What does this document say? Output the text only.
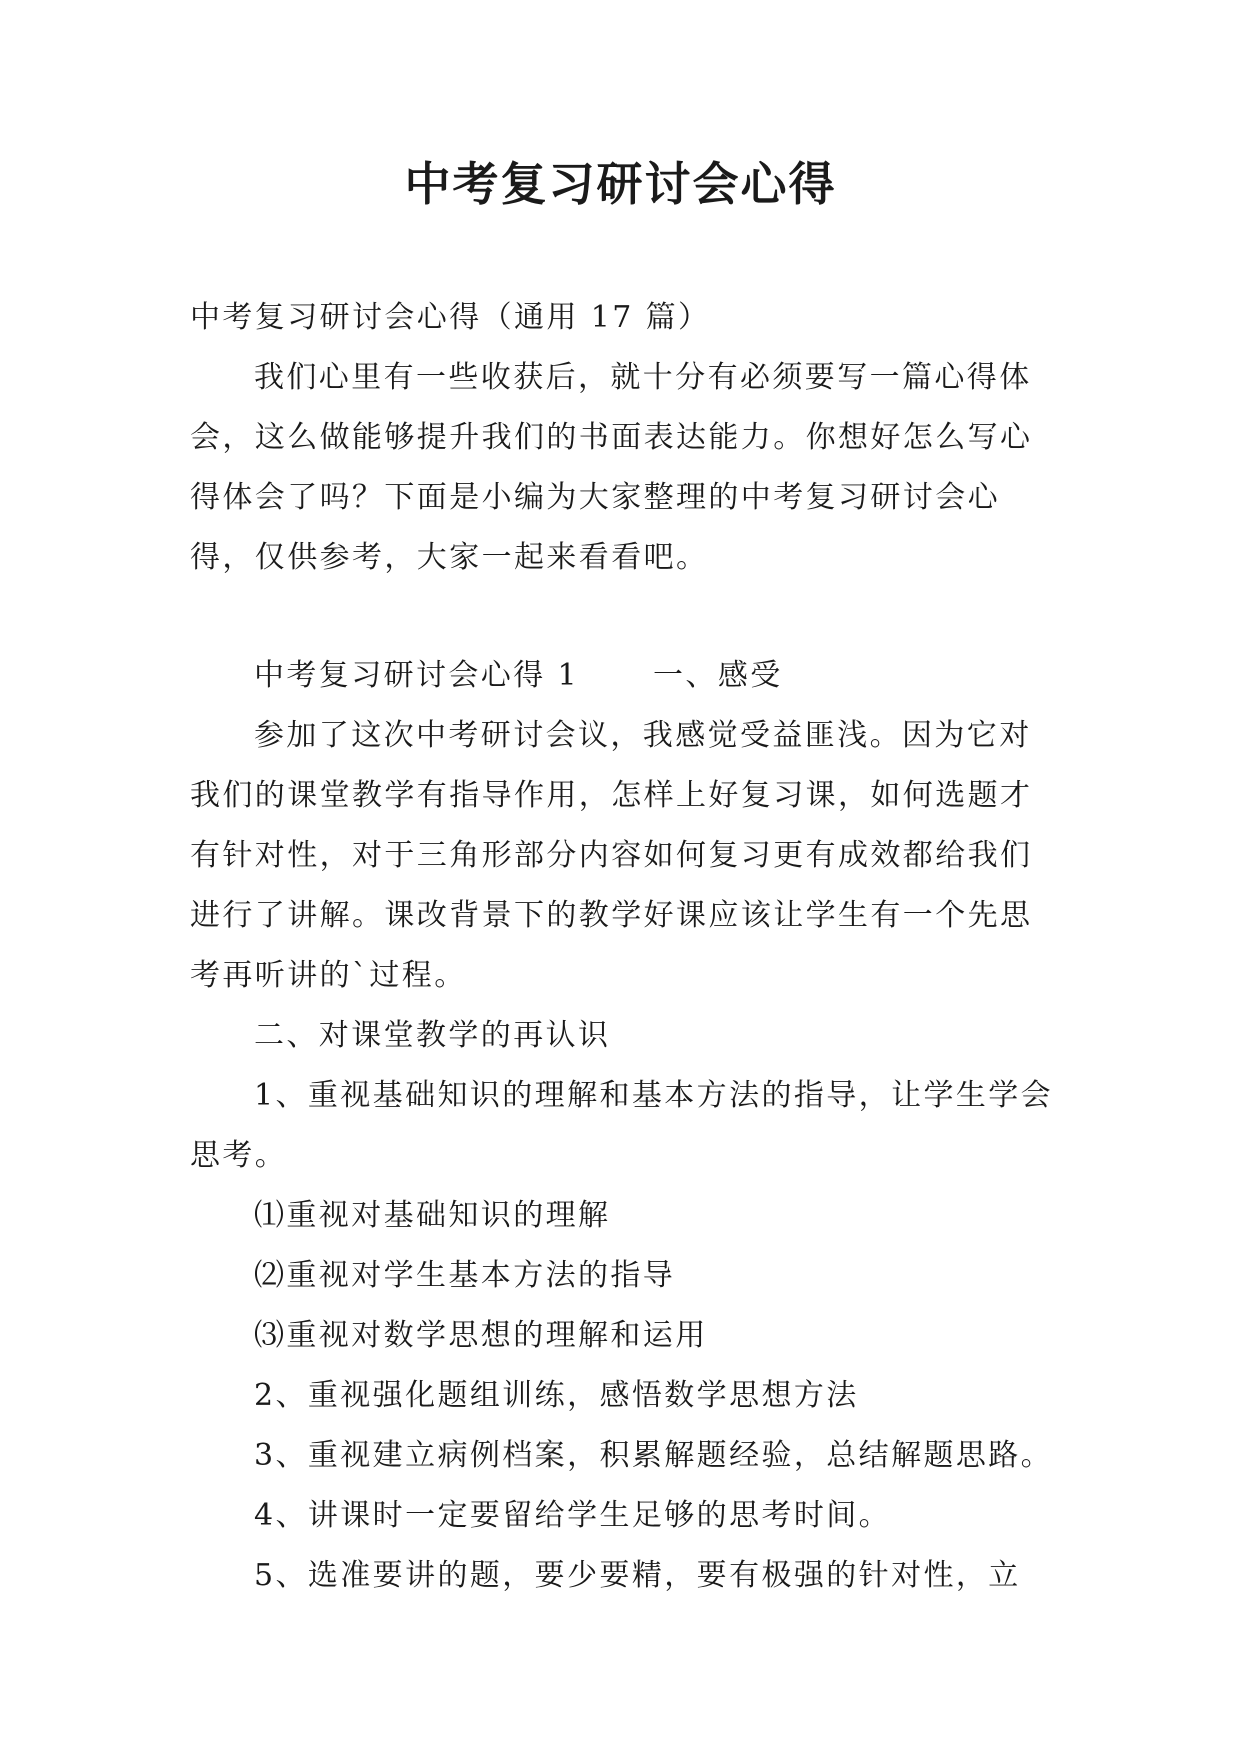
中考复习研讨会心得

中考复习研讨会心得（通用 17 篇）

我们心里有一些收获后，就十分有必须要写一篇心得体会，这么做能够提升我们的书面表达能力。你想好怎么写心得体会了吗？下面是小编为大家整理的中考复习研讨会心得，仅供参考，大家一起来看看吧。

中考复习研讨会心得 1 一、感受

参加了这次中考研讨会议，我感觉受益匪浅。因为它对我们的课堂教学有指导作用，怎样上好复习课，如何选题才有针对性，对于三角形部分内容如何复习更有成效都给我们进行了讲解。课改背景下的教学好课应该让学生有一个先思考再听讲的`过程。

二、对课堂教学的再认识

1、重视基础知识的理解和基本方法的指导，让学生学会思考。

⑴重视对基础知识的理解

⑵重视对学生基本方法的指导

⑶重视对数学思想的理解和运用

2、重视强化题组训练，感悟数学思想方法

3、重视建立病例档案，积累解题经验，总结解题思路。

4、讲课时一定要留给学生足够的思考时间。

5、选准要讲的题，要少要精，要有极强的针对性，立
